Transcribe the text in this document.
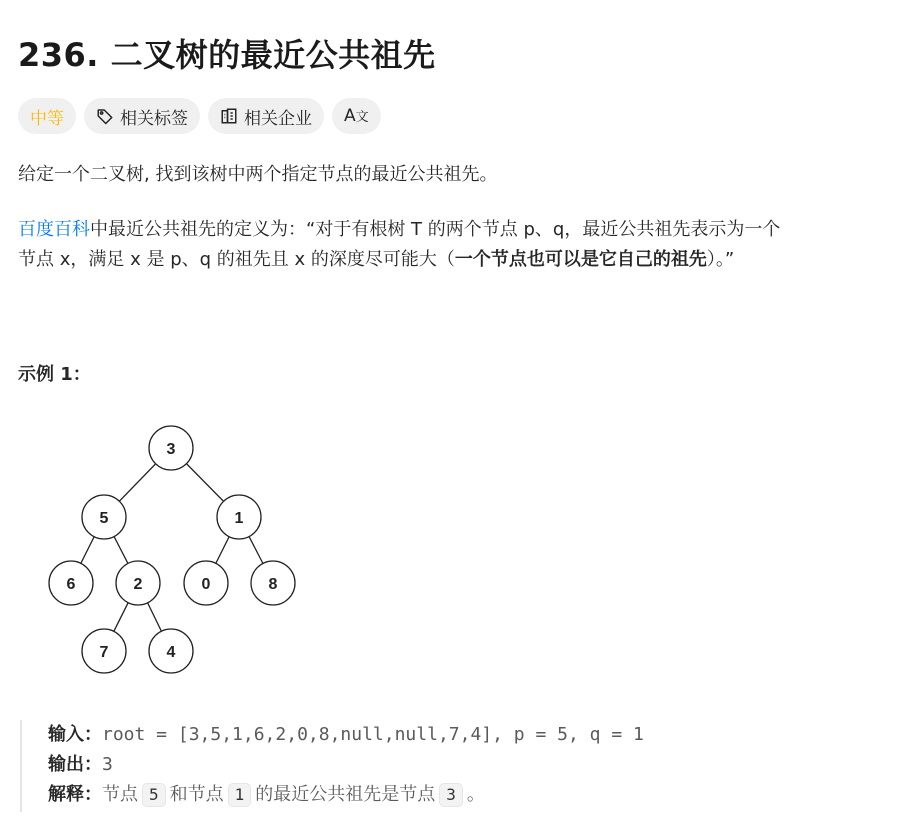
236. 二叉树的最近公共祖先
中等	相关标签	相关企业 A文
给定一个二叉树, 找到该树中两个指定节点的最近公共祖先。
百度百科中最近公共祖先的定义为：“对于有根树 T 的两个节点 p、q，最近公共祖先表示为一个
节点 x，满足 x 是 p、q 的祖先且 x 的深度尽可能大（一个节点也可以是它自己的祖先）。”
示例 1：
3
5	1
6	2	0	8
7	4
输入：root = [3,5,1,6,2,0,8,null,null,7,4], p = 5, q = 1
输出：3
解释：节点 5 和节点 1 的最近公共祖先是节点 3 。
